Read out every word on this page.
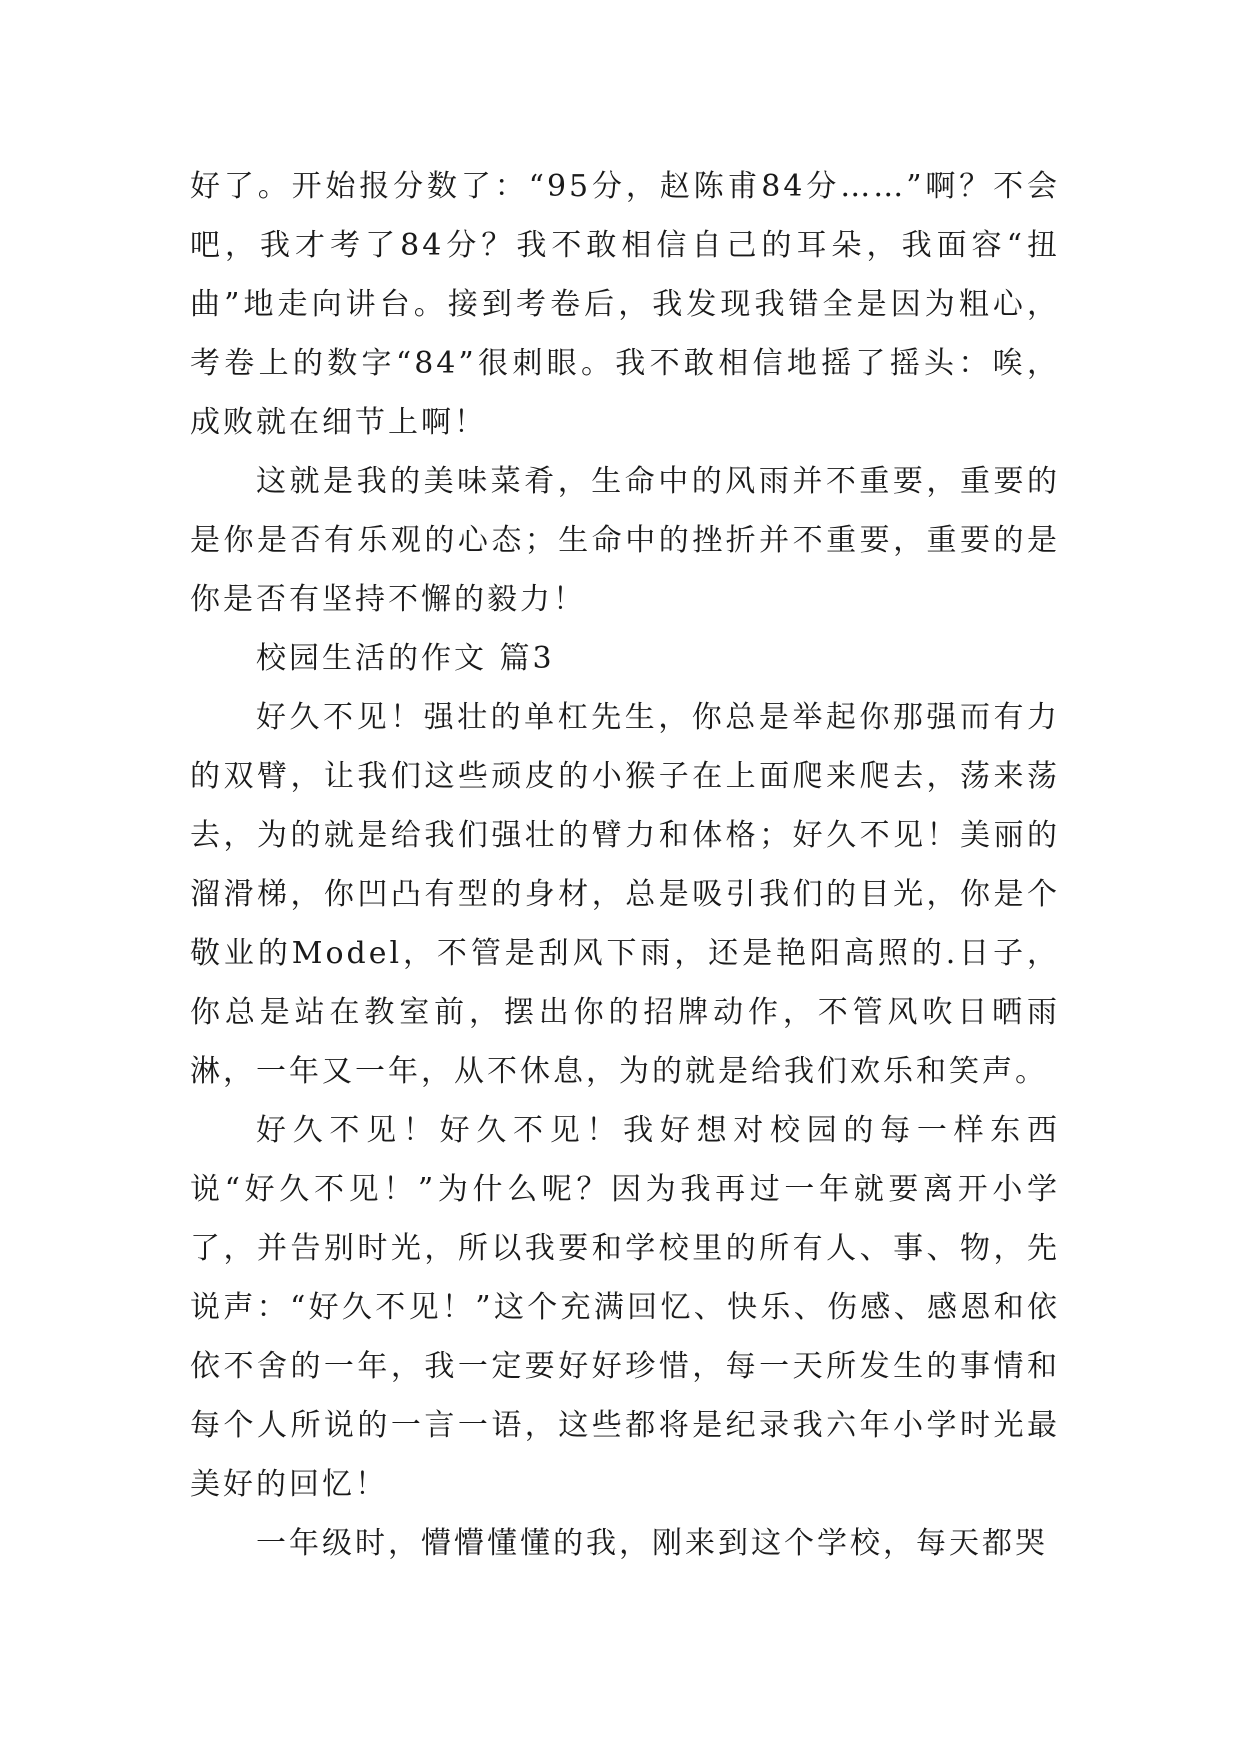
好了。开始报分数了：“95分，赵陈甫84分……”啊？不会吧，我才考了84分？我不敢相信自己的耳朵，我面容“扭曲”地走向讲台。接到考卷后，我发现我错全是因为粗心，考卷上的数字“84”很刺眼。我不敢相信地摇了摇头：唉，成败就在细节上啊！

这就是我的美味菜肴，生命中的风雨并不重要，重要的是你是否有乐观的心态；生命中的挫折并不重要，重要的是你是否有坚持不懈的毅力！

校园生活的作文 篇3

好久不见！强壮的单杠先生，你总是举起你那强而有力的双臂，让我们这些顽皮的小猴子在上面爬来爬去，荡来荡去，为的就是给我们强壮的臂力和体格；好久不见！美丽的溜滑梯，你凹凸有型的身材，总是吸引我们的目光，你是个敬业的Model，不管是刮风下雨，还是艳阳高照的.日子，你总是站在教室前，摆出你的招牌动作，不管风吹日晒雨淋，一年又一年，从不休息，为的就是给我们欢乐和笑声。

好久不见！好久不见！我好想对校园的每一样东西说“好久不见！”为什么呢？因为我再过一年就要离开小学了，并告别时光，所以我要和学校里的所有人、事、物，先说声：“好久不见！”这个充满回忆、快乐、伤感、感恩和依依不舍的一年，我一定要好好珍惜，每一天所发生的事情和每个人所说的一言一语，这些都将是纪录我六年小学时光最美好的回忆！

一年级时，懵懵懂懂的我，刚来到这个学校，每天都哭
